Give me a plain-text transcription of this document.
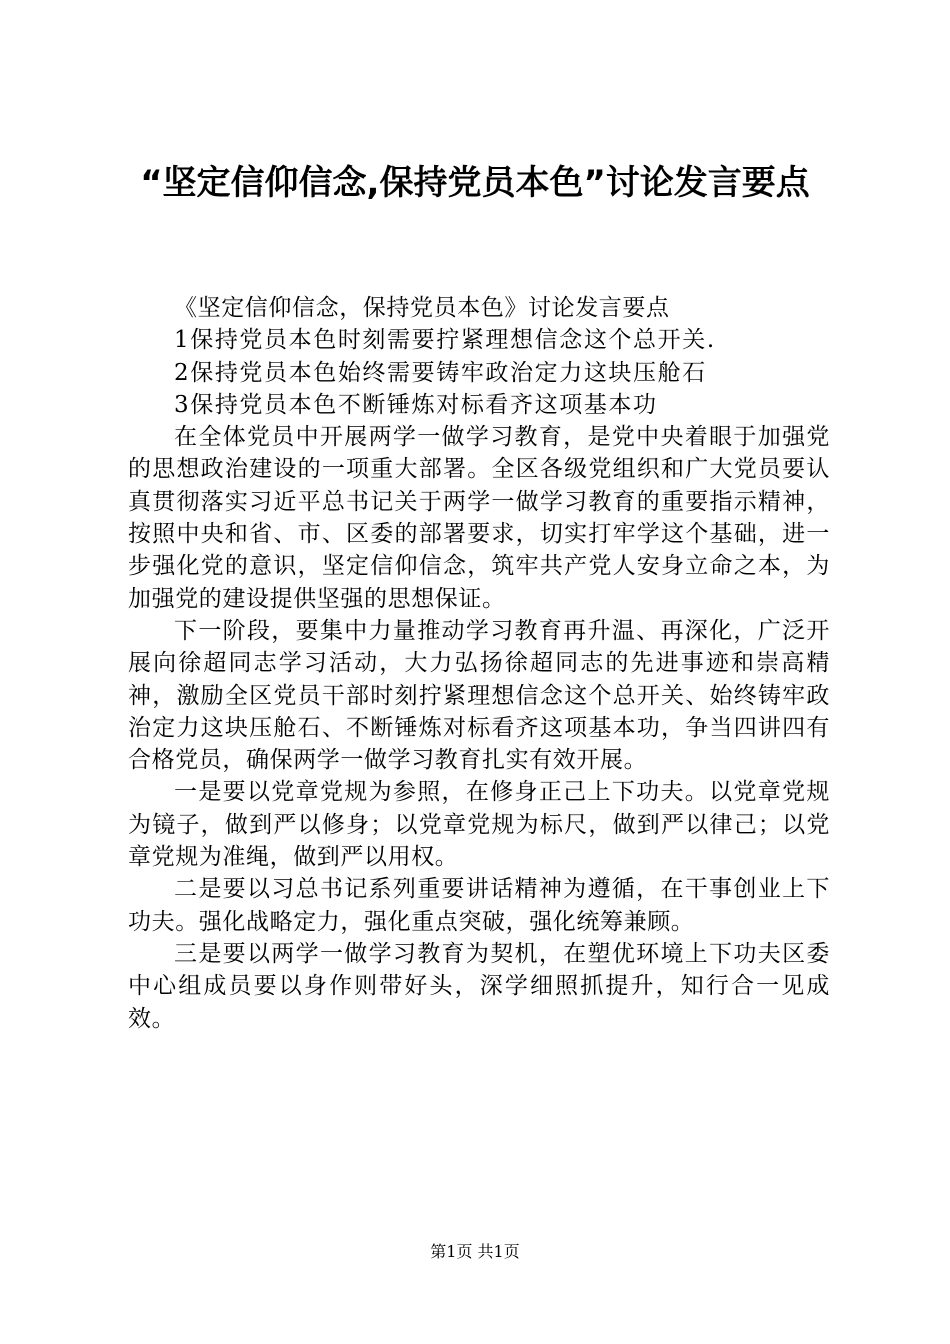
“坚定信仰信念,保持党员本色”讨论发言要点

《坚定信仰信念，保持党员本色》讨论发言要点

1保持党员本色时刻需要拧紧理想信念这个总开关.

2保持党员本色始终需要铸牢政治定力这块压舱石

3保持党员本色不断锤炼对标看齐这项基本功

在全体党员中开展两学一做学习教育，是党中央着眼于加强党的思想政治建设的一项重大部署。全区各级党组织和广大党员要认真贯彻落实习近平总书记关于两学一做学习教育的重要指示精神，按照中央和省、市、区委的部署要求，切实打牢学这个基础，进一步强化党的意识，坚定信仰信念，筑牢共产党人安身立命之本，为加强党的建设提供坚强的思想保证。

下一阶段，要集中力量推动学习教育再升温、再深化，广泛开展向徐超同志学习活动，大力弘扬徐超同志的先进事迹和崇高精神，激励全区党员干部时刻拧紧理想信念这个总开关、始终铸牢政治定力这块压舱石、不断锤炼对标看齐这项基本功，争当四讲四有合格党员，确保两学一做学习教育扎实有效开展。

一是要以党章党规为参照，在修身正己上下功夫。以党章党规为镜子，做到严以修身；以党章党规为标尺，做到严以律己；以党章党规为准绳，做到严以用权。

二是要以习总书记系列重要讲话精神为遵循，在干事创业上下功夫。强化战略定力，强化重点突破，强化统筹兼顾。

三是要以两学一做学习教育为契机，在塑优环境上下功夫区委中心组成员要以身作则带好头，深学细照抓提升，知行合一见成效。

第1页 共1页
